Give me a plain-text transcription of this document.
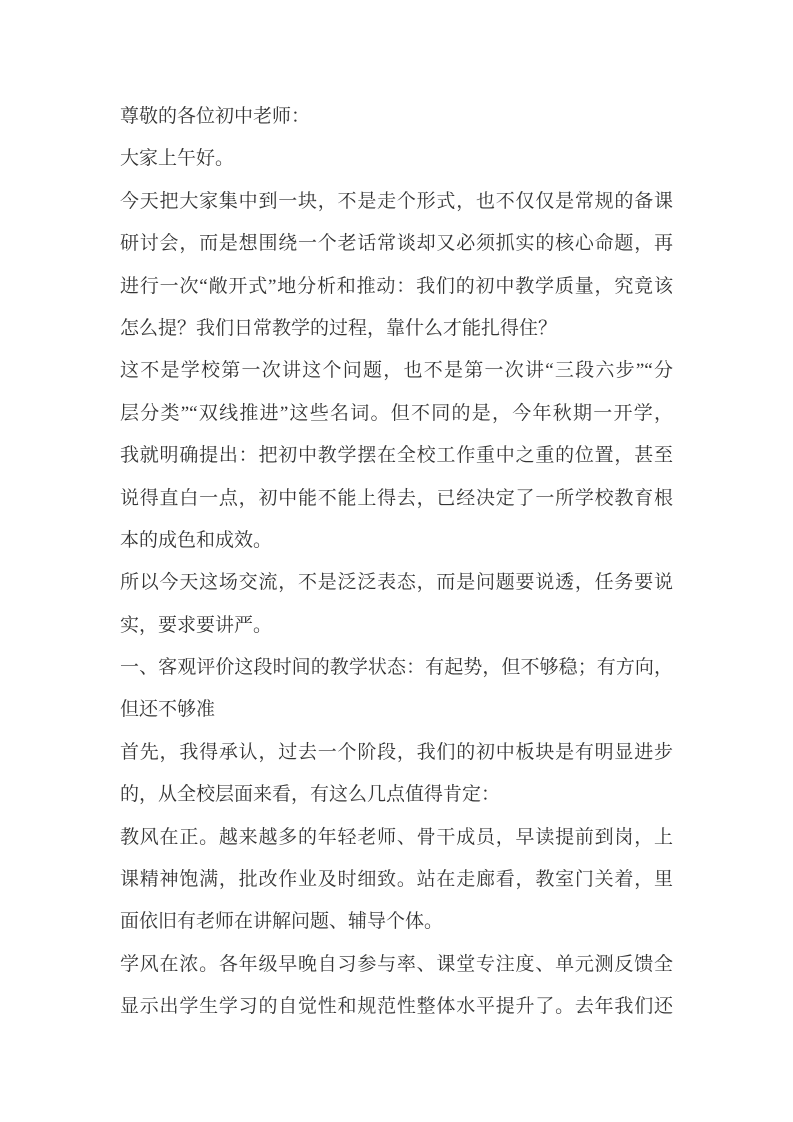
尊敬的各位初中老师：
大家上午好。
今天把大家集中到一块，不是走个形式，也不仅仅是常规的备课
研讨会，而是想围绕一个老话常谈却又必须抓实的核心命题，再
进行一次“敞开式”地分析和推动：我们的初中教学质量，究竟该
怎么提？我们日常教学的过程，靠什么才能扎得住？
这不是学校第一次讲这个问题，也不是第一次讲“三段六步”“分
层分类”“双线推进”这些名词。但不同的是，今年秋期一开学，
我就明确提出：把初中教学摆在全校工作重中之重的位置，甚至
说得直白一点，初中能不能上得去，已经决定了一所学校教育根
本的成色和成效。
所以今天这场交流，不是泛泛表态，而是问题要说透，任务要说
实，要求要讲严。
一、客观评价这段时间的教学状态：有起势，但不够稳；有方向，
但还不够准
首先，我得承认，过去一个阶段，我们的初中板块是有明显进步
的，从全校层面来看，有这么几点值得肯定：
教风在正。越来越多的年轻老师、骨干成员，早读提前到岗，上
课精神饱满，批改作业及时细致。站在走廊看，教室门关着，里
面依旧有老师在讲解问题、辅导个体。
学风在浓。各年级早晚自习参与率、课堂专注度、单元测反馈全
显示出学生学习的自觉性和规范性整体水平提升了。去年我们还
